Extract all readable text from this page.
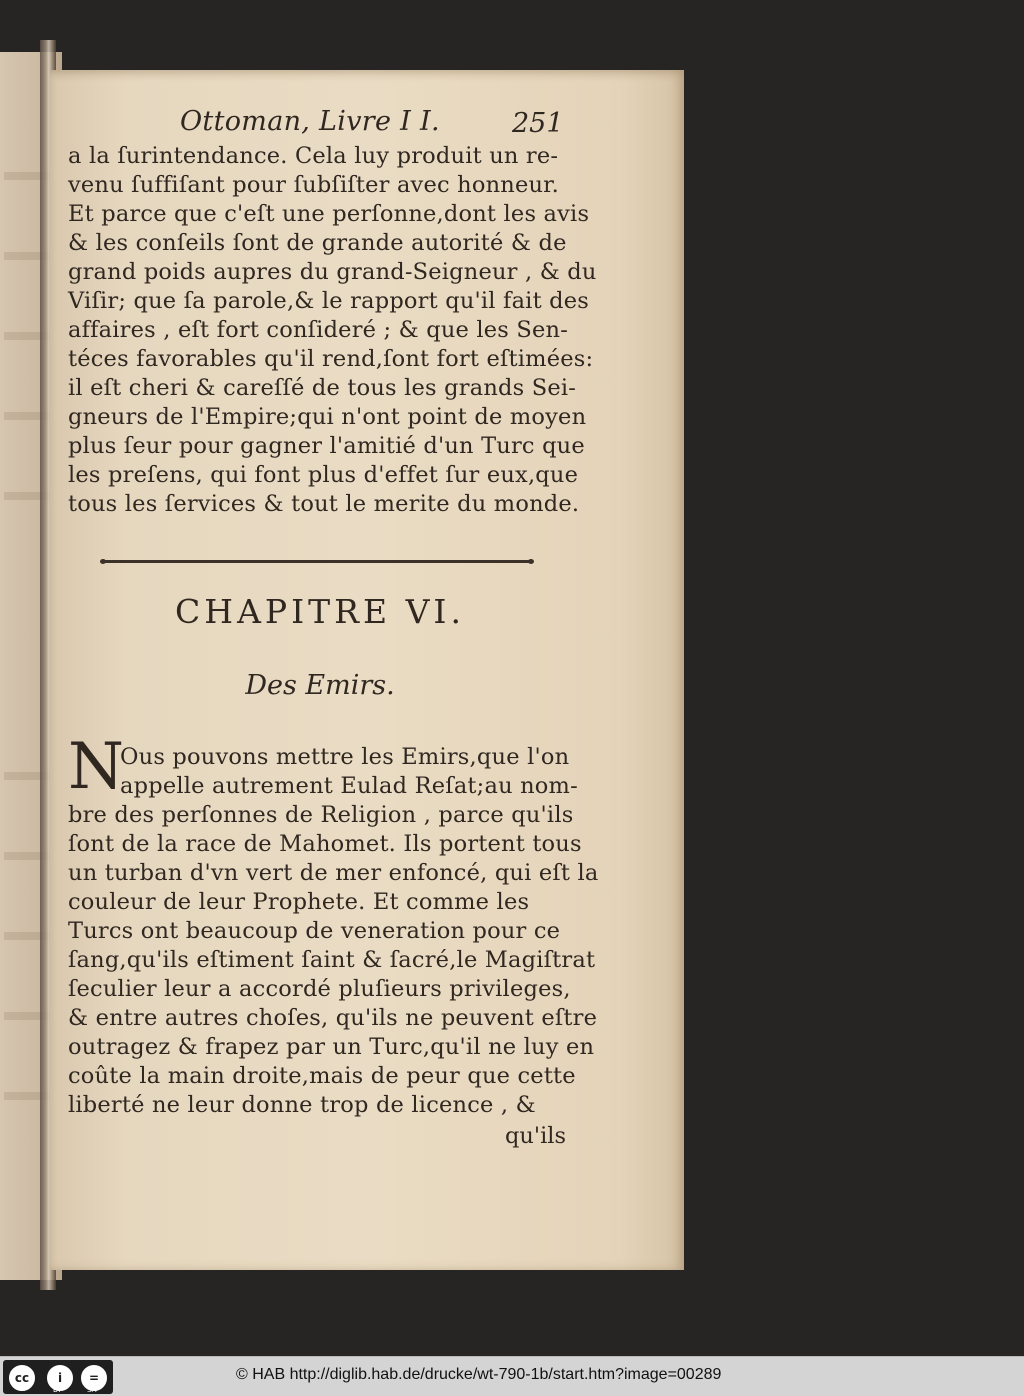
Ottoman, Livre I I.	251
a la ſurintendance. Cela luy produit un re-
venu ſuffiſant pour ſubſiſter avec honneur.
Et parce que c'eſt une perſonne,dont les avis
& les conſeils ſont de grande autorité & de
grand poids aupres du grand-Seigneur , & du
Viſir; que ſa parole,& le rapport qu'il fait des
affaires , eſt fort conſideré ; & que les Sen-
téces favorables qu'il rend,ſont fort eſtimées:
il eſt cheri & careſſé de tous les grands Sei-
gneurs de l'Empire;qui n'ont point de moyen
plus ſeur pour gagner l'amitié d'un Turc que
les preſens, qui font plus d'effet ſur eux,que
tous les ſervices & tout le merite du monde.
CHAPITRE VI.
Des Emirs.
N
Ous pouvons mettre les Emirs,que l'on
appelle autrement Eulad Reſat;au nom-
bre des perſonnes de Religion , parce qu'ils
ſont de la race de Mahomet. Ils portent tous
un turban d'vn vert de mer enfoncé, qui eſt la
couleur de leur Prophete. Et comme les
Turcs ont beaucoup de veneration pour ce
ſang,qu'ils eſtiment ſaint & ſacré,le Magiſtrat
ſeculier leur a accordé pluſieurs privileges,
& entre autres choſes, qu'ils ne peuvent eſtre
outragez & frapez par un Turc,qu'il ne luy en
coûte la main droite,mais de peur que cette
liberté ne leur donne trop de licence , &
qu'ils
cc	i	=
BY	SA
© HAB http://diglib.hab.de/drucke/wt-790-1b/start.htm?image=00289
